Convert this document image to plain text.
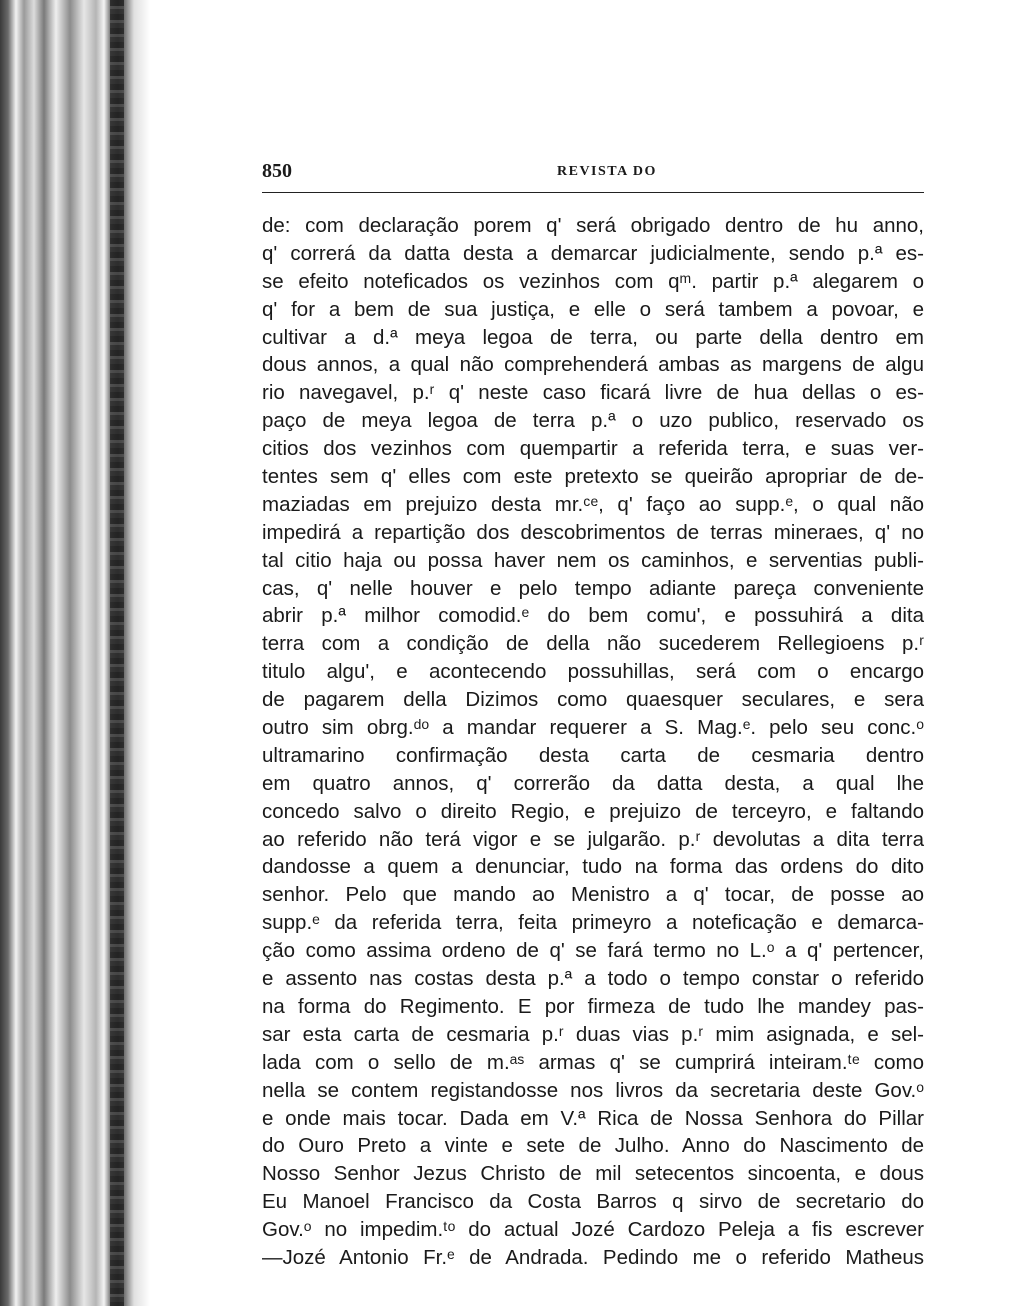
850	REVISTA DO
de: com declaração porem q' será obrigado dentro de hu anno,
q' correrá da datta desta a demarcar judicialmente, sendo p.ª es-
se efeito noteficados os vezinhos com qᵐ. partir p.ª alegarem o
q' for a bem de sua justiça, e elle o será tambem a povoar, e
cultivar a d.ª meya legoa de terra, ou parte della dentro em
dous annos, a qual não comprehenderá ambas as margens de algu
rio navegavel, p.ʳ q' neste caso ficará livre de hua dellas o es-
paço de meya legoa de terra p.ª o uzo publico, reservado os
citios dos vezinhos com quempartir a referida terra, e suas ver-
tentes sem q' elles com este pretexto se queirão apropriar de de-
maziadas em prejuizo desta mr.ᶜᵉ, q' faço ao supp.ᵉ, o qual não
impedirá a repartição dos descobrimentos de terras mineraes, q' no
tal citio haja ou possa haver nem os caminhos, e serventias publi-
cas, q' nelle houver e pelo tempo adiante pareça conveniente
abrir p.ª milhor comodid.ᵉ do bem comu', e possuhirá a dita
terra com a condição de della não sucederem Rellegioens p.ʳ
titulo algu', e acontecendo possuhillas, será com o encargo
de pagarem della Dizimos como quaesquer seculares, e sera
outro sim obrg.ᵈᵒ a mandar requerer a S. Mag.ᵉ. pelo seu conc.ᵒ
ultramarino confirmação desta carta de cesmaria dentro
em quatro annos, q' correrão da datta desta, a qual lhe
concedo salvo o direito Regio, e prejuizo de terceyro, e faltando
ao referido não terá vigor e se julgarão. p.ʳ devolutas a dita terra
dandosse a quem a denunciar, tudo na forma das ordens do dito
senhor. Pelo que mando ao Menistro a q' tocar, de posse ao
supp.ᵉ da referida terra, feita primeyro a noteficação e demarca-
ção como assima ordeno de q' se fará termo no L.ᵒ a q' pertencer,
e assento nas costas desta p.ª a todo o tempo constar o referido
na forma do Regimento. E por firmeza de tudo lhe mandey pas-
sar esta carta de cesmaria p.ʳ duas vias p.ʳ mim asignada, e sel-
lada com o sello de m.ᵃˢ armas q' se cumprirá inteiram.ᵗᵉ como
nella se contem registandosse nos livros da secretaria deste Gov.ᵒ
e onde mais tocar. Dada em V.ª Rica de Nossa Senhora do Pillar
do Ouro Preto a vinte e sete de Julho. Anno do Nascimento de
Nosso Senhor Jezus Christo de mil setecentos sincoenta, e dous
Eu Manoel Francisco da Costa Barros q sirvo de secretario do
Gov.ᵒ no impedim.ᵗᵒ do actual Jozé Cardozo Peleja a fis escrever
—Jozé Antonio Fr.ᵉ de Andrada. Pedindo me o referido Matheus
